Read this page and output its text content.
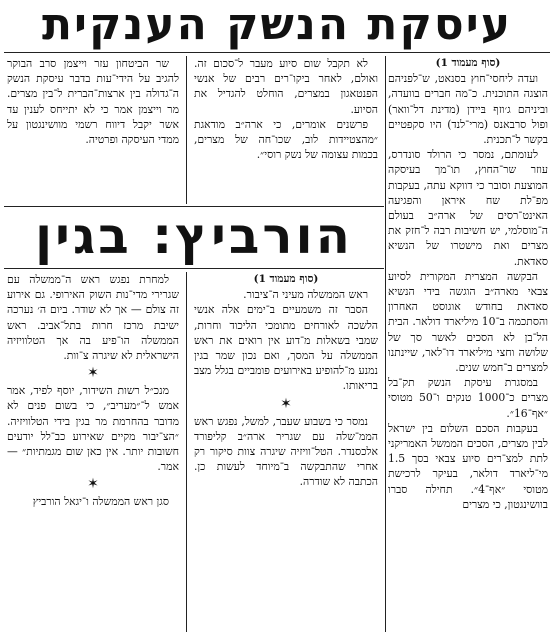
עיסקת הנשק הענקית

(סוף מעמוד 1)

ועדה ליחסי־חוץ בסנאט, ש־לפניהם הוצגה התוכנית. כ־מה חברים בוועדה, וביניהם ג׳וזף בּיידן (מדינת דל־וואר) ופול סרבאנס (מרי־לנד) היו סקפטיים בקשר ל־תכנית.

לעומתם, נמסר כי הרולד סונדרס, עוזר שר־החוץ, תו־מך בעיסקה המוצעת וסובר כי דווקא עתה, בעקבות מפ־לת שח איראן והפגיעה האינט־רסים של ארה״ב בעולם ה־מוסלמי, יש חשיבות רבה ל־חזק את מצרים ואת מישטרו של הנשיא סאדאת.

הבקשה המצרית המקורית לסיוע צבאי מארה״ב הוגשה בידי הנשיא סאדאת בחודש אוגוסט האחרון והסתכמה ב־10 מיליארד דולאר. הבית הל־בן לא הסכים לאשר סך של שלושה וחצי מיליארד דו־לאר, שיינתנו למצרים ב־חמש שנים.

במסגרת עיסקת הנשק תק־בל מצרים כ־1000 טנקים ו־50 מטוסי ״אף־16״.

בעקבות הסכם השלום בין ישראל לבין מצרים, הסכים הממשל האמריקני לתת למצ־רים סיוע צבאי בסך 1.5 מי־ליארד דולאר, בעיקר לרכישת מטוסי ״אף־4״. תחילה סברו בוושינגטון, כי מצרים

לא תקבל שום סיוע מעבר ל־סכום זה. ואולם, לאחר ביקו־רים רבים של אנשי הפנטאגון במצרים, הוחלט להגדיל את הסיוע.

פרשנים אומרים, כי ארה״ב מודאגת ״מהצטיידות לוב, שכו־חה של מצרים, בכמות עצומה של נשק רוסי״.

שר הביטחון עזר וייצמן סרב הבוקר להגיב על הידי־עות בדבר עיסקת הנשק ה־גדולה בין ארצות־הברית ל־בין מצרים. מר וייצמן אמר כי לא יתייחס לענין עד אשר יקבל דיווח רשמי מוושינגטון על ממדי העיסקה ופרטיה.

הורביץ: בגין

(סוף מעמוד 1)

ראש הממשלה מעיני ה־ציבור.

הסבר זה משמעיים ב־ימים אלה אנשי הלשכה לאורחים מתומכי הליכוד וחרות, שמבי בשאלות מ־דוע אין רואים את ראש הממשלה על המסך, ואם נכון שמר בגין נמנע מ־להופיע באירועים פומביים בגלל מצב בריאותו.

✶

נמסר כי בשבוע שעבר, למשל, נפגש ראש הממ־שלה עם שגריר ארה״ב קליפורד אלכסנדר. הטל־וויזיה שיגרה צוות סיקור רק אחרי שהתבקשה ב־מיוחד לעשות כן. הכתבה לא שודרה.

למחרת נפגש ראש ה־ממשלה עם שגרירי מדי־נות השוק האירופי. גם אירוע זה צולם — אך לא שודר. ביום ה׳ נערכה ישיבת מרכז חרות בתל־אביב. ראש הממשלה הו־פיע בה אך הטלוויזיה הישראלית לא שיגרה צ־וות.

✶

מנכ״ל רשות השידור, יוסף לפיד, אמר אמש ל־״מעריב״, כי בשום פנים לא מדובר בהחרמת מר בגין בידי הטלוויזיה. ״הצ־יבור מקיים שאירוע כב־לל יודעים חשובות יותר. אין כאן שום מגמתיות״ — אמר.

✶

סגן ראש הממשלה ו־יגאל הורביץ
